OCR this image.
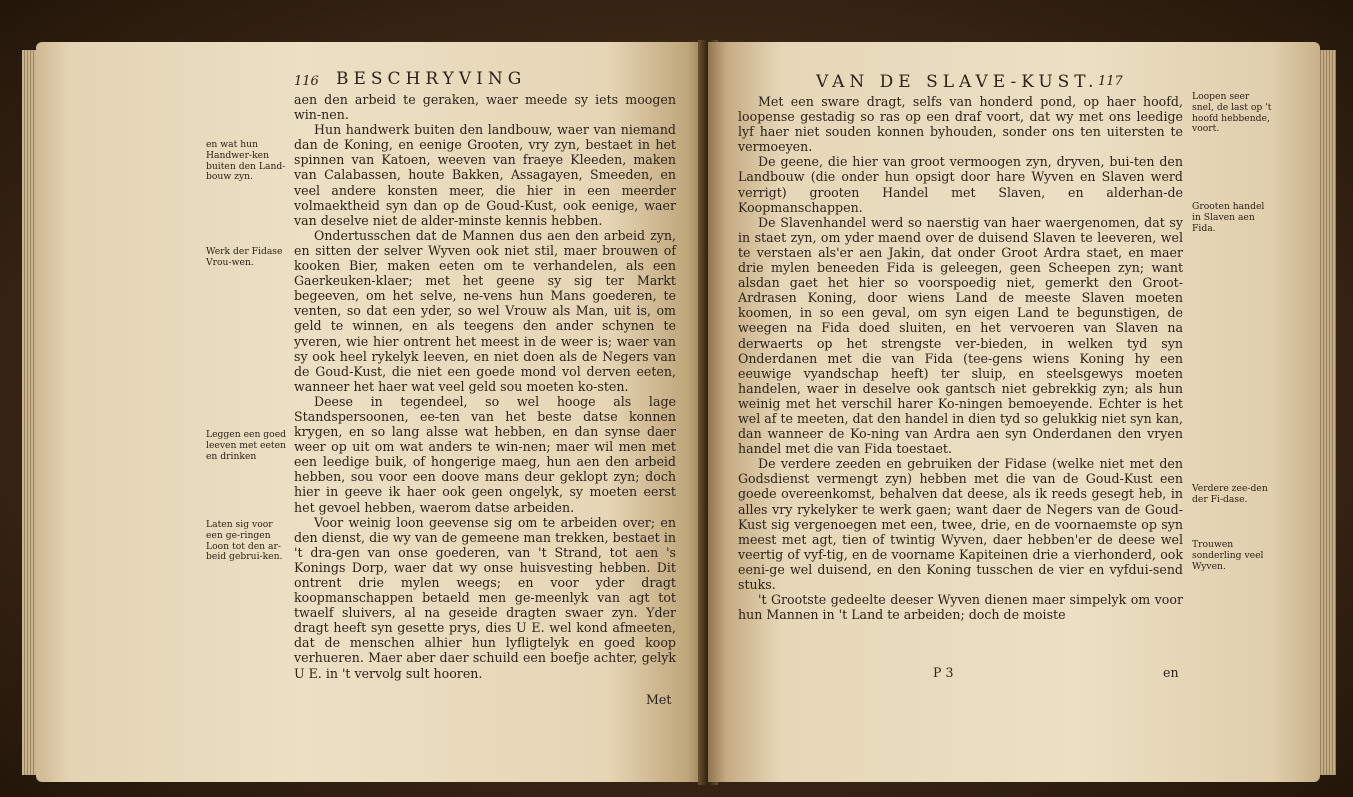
116 BESCHRYVING

aen den arbeid te geraken, waer meede sy iets moogen win-nen.

Hun handwerk buiten den landbouw, waer van niemand dan de Koning, en eenige Grooten, vry zyn, bestaet in het spinnen van Katoen, weeven van fraeye Kleeden, maken van Calabassen, houte Bakken, Assagayen, Smeeden, en veel andere konsten meer, die hier in een meerder volmaektheid syn dan op de Goud-Kust, ook eenige, waer van deselve niet de alder-minste kennis hebben.

Ondertusschen dat de Mannen dus aen den arbeid zyn, en sitten der selver Wyven ook niet stil, maer brouwen of kooken Bier, maken eeten om te verhandelen, als een Gaerkeuken-klaer; met het geene sy sig ter Markt begeeven, om het selve, ne-vens hun Mans goederen, te venten, so dat een yder, so wel Vrouw als Man, uit is, om geld te winnen, en als teegens den ander schynen te yveren, wie hier ontrent het meest in de weer is; waer van sy ook heel rykelyk leeven, en niet doen als de Negers van de Goud-Kust, die niet een goede mond vol derven eeten, wanneer het haer wat veel geld sou moeten ko-sten.

Deese in tegendeel, so wel hooge als lage Standspersoonen, ee-ten van het beste datse konnen krygen, en so lang alsse wat hebben, en dan synse daer weer op uit om wat anders te win-nen; maer wil men met een leedige buik, of hongerige maeg, hun aen den arbeid hebben, sou voor een doove mans deur geklopt zyn; doch hier in geeve ik haer ook geen ongelyk, sy moeten eerst het gevoel hebben, waerom datse arbeiden.

Voor weinig loon geevense sig om te arbeiden over; en den dienst, die wy van de gemeene man trekken, bestaet in 't dra-gen van onse goederen, van 't Strand, tot aen 's Konings Dorp, waer dat wy onse huisvesting hebben. Dit ontrent drie mylen weegs; en voor yder dragt koopmanschappen betaeld men ge-meenlyk van agt tot twaelf sluivers, al na geseide dragten swaer zyn. Yder dragt heeft syn gesette prys, dies U E. wel kond afmeeten, dat de menschen alhier hun lyfligtelyk en goed koop verhueren. Maer aber daer schuild een boefje achter, gelyk U E. in 't vervolg sult hooren.

Met
en wat hun Handwer-ken buiten den Land-bouw zyn.
Werk der Fidase Vrou-wen.
Leggen een goed leeven met eeten en drinken
Laten sig voor een ge-ringen Loon tot den ar-beid gebrui-ken.
VAN DE SLAVE-KUST. 117

Met een sware dragt, selfs van honderd pond, op haer hoofd, loopense gestadig so ras op een draf voort, dat wy met ons leedige lyf haer niet souden konnen byhouden, sonder ons ten uitersten te vermoeyen.

De geene, die hier van groot vermoogen zyn, dryven, bui-ten den Landbouw (die onder hun opsigt door hare Wyven en Slaven werd verrigt) grooten Handel met Slaven, en alderhan-de Koopmanschappen.

De Slavenhandel werd so naerstig van haer waergenomen, dat sy in staet zyn, om yder maend over de duisend Slaven te leeveren, wel te verstaen als'er aen Jakin, dat onder Groot Ardra staet, en maer drie mylen beneeden Fida is geleegen, geen Scheepen zyn; want alsdan gaet het hier so voorspoedig niet, gemerkt den Groot-Ardrasen Koning, door wiens Land de meeste Slaven moeten koomen, in so een geval, om syn eigen Land te begunstigen, de weegen na Fida doed sluiten, en het vervoeren van Slaven na derwaerts op het strengste ver-bieden, in welken tyd syn Onderdanen met die van Fida (tee-gens wiens Koning hy een eeuwige vyandschap heeft) ter sluip, en steelsgewys moeten handelen, waer in deselve ook gantsch niet gebrekkig zyn; als hun weinig met het verschil harer Ko-ningen bemoeyende. Echter is het wel af te meeten, dat den handel in dien tyd so gelukkig niet syn kan, dan wanneer de Ko-ning van Ardra aen syn Onderdanen den vryen handel met die van Fida toestaet.

De verdere zeeden en gebruiken der Fidase (welke niet met den Godsdienst vermengt zyn) hebben met die van de Goud-Kust een goede overeenkomst, behalven dat deese, als ik reeds gesegt heb, in alles vry rykelyker te werk gaen; want daer de Negers van de Goud-Kust sig vergenoegen met een, twee, drie, en de voornaemste op syn meest met agt, tien of twintig Wyven, daer hebben'er de deese wel veertig of vyf-tig, en de voorname Kapiteinen drie a vierhonderd, ook eeni-ge wel duisend, en den Koning tusschen de vier en vyfdui-send stuks.

't Grootste gedeelte deeser Wyven dienen maer simpelyk om voor hun Mannen in 't Land te arbeiden; doch de moiste

P 3	en
Loopen seer snel, de last op 't hoofd hebbende, voort.
Grooten handel in Slaven aen Fida.
Verdere zee-den der Fi-dase.
Trouwen sonderling veel Wyven.
